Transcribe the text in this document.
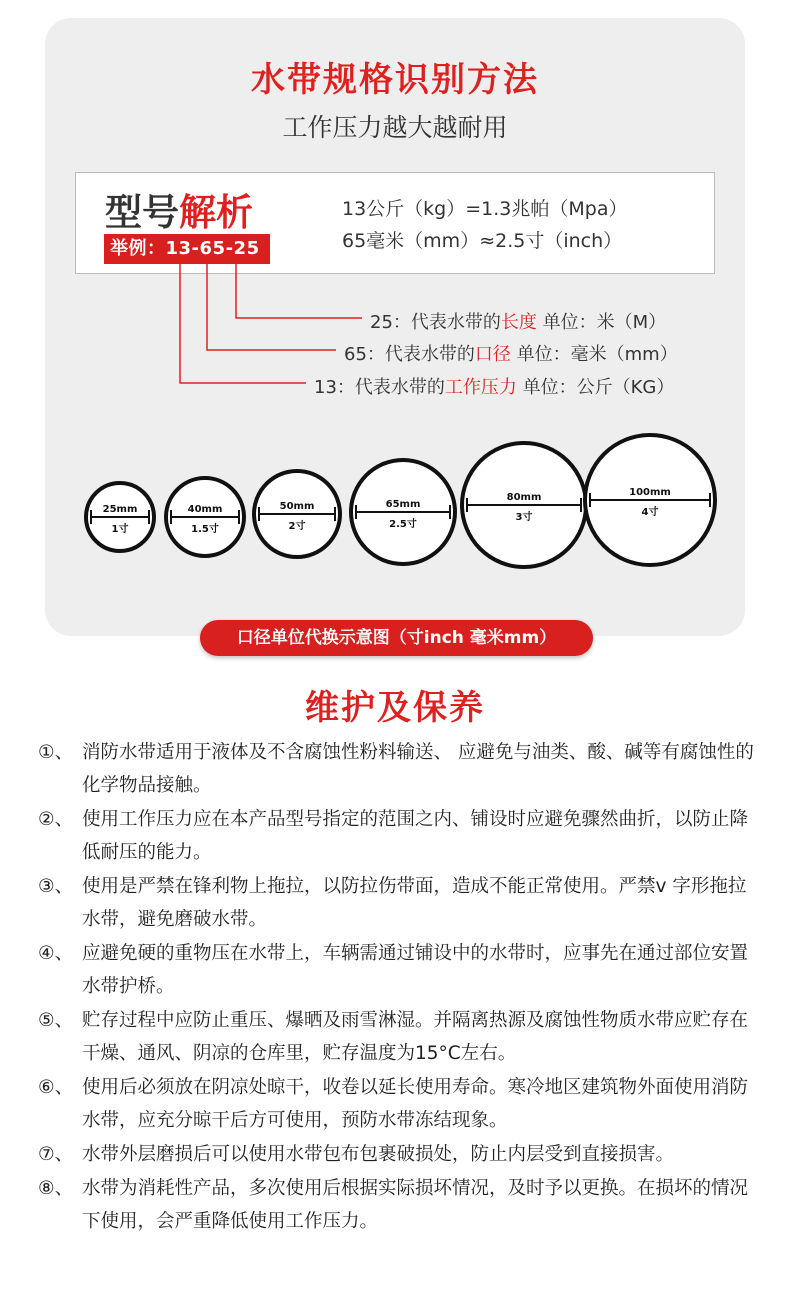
水带规格识别方法
工作压力越大越耐用
型号解析
举例：13-65-25
13公斤（kg）=1.3兆帕（Mpa）
65毫米（mm）≈2.5寸（inch）
25：代表水带的长度 单位：米（M）
65：代表水带的口径 单位：毫米（mm）
13：代表水带的工作压力 单位：公斤（KG）
25mm
1寸
40mm
1.5寸
50mm
2寸
65mm
2.5寸
80mm
3寸
100mm
4寸
口径单位代换示意图（寸inch 毫米mm）
维护及保养
①、 消防水带适用于液体及不含腐蚀性粉料输送、 应避免与油类、酸、碱等有腐蚀性的化学物品接触。
②、 使用工作压力应在本产品型号指定的范围之内、铺设时应避免骤然曲折，以防止降低耐压的能力。
③、 使用是严禁在锋利物上拖拉，以防拉伤带面，造成不能正常使用。严禁v 字形拖拉水带，避免磨破水带。
④、 应避免硬的重物压在水带上，车辆需通过铺设中的水带时，应事先在通过部位安置水带护桥。
⑤、 贮存过程中应防止重压、爆晒及雨雪淋湿。并隔离热源及腐蚀性物质水带应贮存在干燥、通风、阴凉的仓库里，贮存温度为15°C左右。
⑥、 使用后必须放在阴凉处晾干，收卷以延长使用寿命。寒冷地区建筑物外面使用消防水带，应充分晾干后方可使用，预防水带冻结现象。
⑦、 水带外层磨损后可以使用水带包布包裹破损处，防止内层受到直接损害。
⑧、 水带为消耗性产品，多次使用后根据实际损坏情况，及时予以更换。在损坏的情况下使用，会严重降低使用工作压力。
